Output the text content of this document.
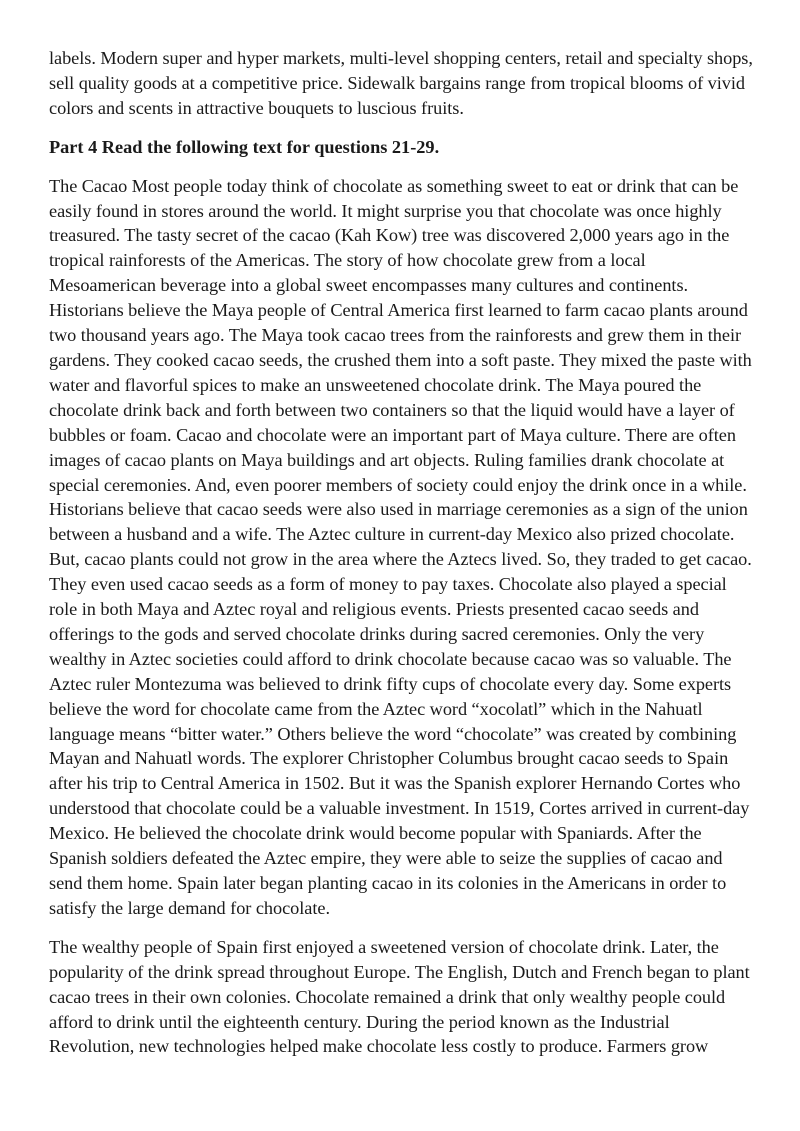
labels. Modern super and hyper markets, multi-level shopping centers, retail and specialty shops, sell quality goods at a competitive price. Sidewalk bargains range from tropical blooms of vivid colors and scents in attractive bouquets to luscious fruits.

Part 4 Read the following text for questions 21-29.

The Cacao Most people today think of chocolate as something sweet to eat or drink that can be easily found in stores around the world. It might surprise you that chocolate was once highly treasured. The tasty secret of the cacao (Kah Kow) tree was discovered 2,000 years ago in the tropical rainforests of the Americas. The story of how chocolate grew from a local Mesoamerican beverage into a global sweet encompasses many cultures and continents. Historians believe the Maya people of Central America first learned to farm cacao plants around two thousand years ago. The Maya took cacao trees from the rainforests and grew them in their gardens. They cooked cacao seeds, the crushed them into a soft paste. They mixed the paste with water and flavorful spices to make an unsweetened chocolate drink. The Maya poured the chocolate drink back and forth between two containers so that the liquid would have a layer of bubbles or foam. Cacao and chocolate were an important part of Maya culture. There are often images of cacao plants on Maya buildings and art objects. Ruling families drank chocolate at special ceremonies. And, even poorer members of society could enjoy the drink once in a while. Historians believe that cacao seeds were also used in marriage ceremonies as a sign of the union between a husband and a wife. The Aztec culture in current-day Mexico also prized chocolate. But, cacao plants could not grow in the area where the Aztecs lived. So, they traded to get cacao. They even used cacao seeds as a form of money to pay taxes. Chocolate also played a special role in both Maya and Aztec royal and religious events. Priests presented cacao seeds and offerings to the gods and served chocolate drinks during sacred ceremonies. Only the very wealthy in Aztec societies could afford to drink chocolate because cacao was so valuable. The Aztec ruler Montezuma was believed to drink fifty cups of chocolate every day. Some experts believe the word for chocolate came from the Aztec word “xocolatl” which in the Nahuatl language means “bitter water.” Others believe the word “chocolate” was created by combining Mayan and Nahuatl words. The explorer Christopher Columbus brought cacao seeds to Spain after his trip to Central America in 1502. But it was the Spanish explorer Hernando Cortes who understood that chocolate could be a valuable investment. In 1519, Cortes arrived in current-day Mexico. He believed the chocolate drink would become popular with Spaniards. After the Spanish soldiers defeated the Aztec empire, they were able to seize the supplies of cacao and send them home. Spain later began planting cacao in its colonies in the Americans in order to satisfy the large demand for chocolate.

The wealthy people of Spain first enjoyed a sweetened version of chocolate drink. Later, the popularity of the drink spread throughout Europe. The English, Dutch and French began to plant cacao trees in their own colonies. Chocolate remained a drink that only wealthy people could afford to drink until the eighteenth century. During the period known as the Industrial Revolution, new technologies helped make chocolate less costly to produce. Farmers grow
